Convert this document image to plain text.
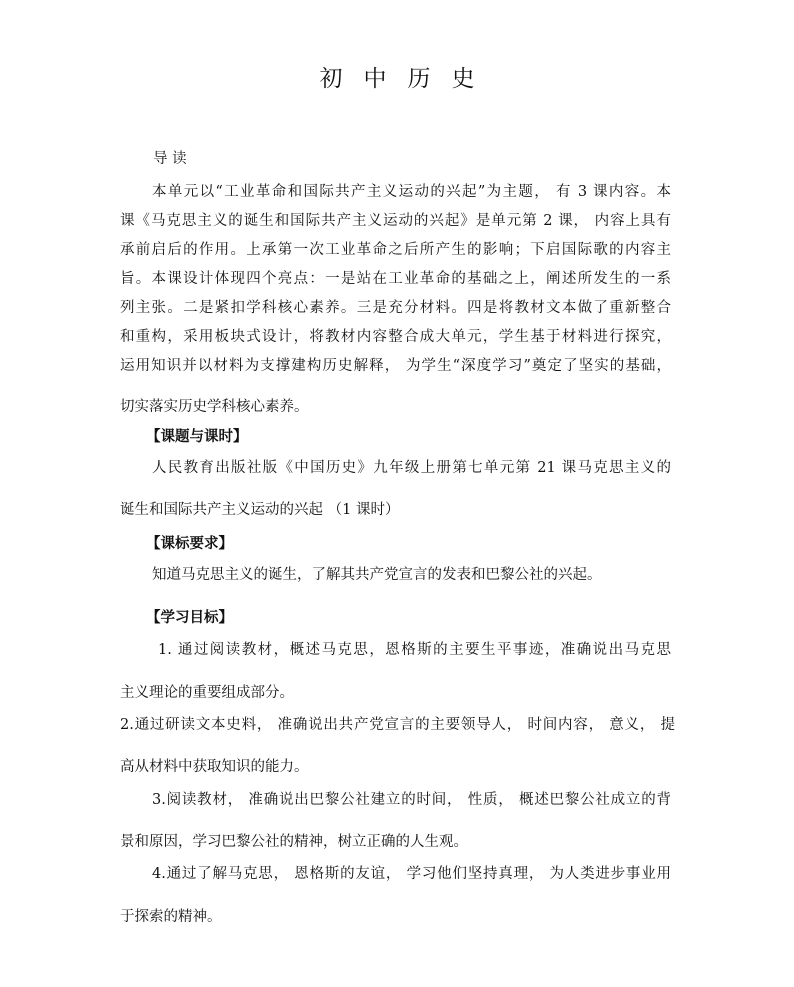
初中历史
导 读
本单元以“工业革命和国际共产主义运动的兴起”为主题， 有 3 课内容。本
课《马克思主义的诞生和国际共产主义运动的兴起》是单元第 2 课， 内容上具有
承前启后的作用。上承第一次工业革命之后所产生的影响；下启国际歌的内容主
旨。本课设计体现四个亮点：一是站在工业革命的基础之上，阐述所发生的一系
列主张。二是紧扣学科核心素养。三是充分材料。四是将教材文本做了重新整合
和重构，采用板块式设计，将教材内容整合成大单元，学生基于材料进行探究，
运用知识并以材料为支撑建构历史解释， 为学生“深度学习”奠定了坚实的基础，
切实落实历史学科核心素养。
【课题与课时】
人民教育出版社版《中国历史》九年级上册第七单元第 21 课马克思主义的
诞生和国际共产主义运动的兴起 （1 课时）
【课标要求】
知道马克思主义的诞生，了解其共产党宣言的发表和巴黎公社的兴起。
【学习目标】
1. 通过阅读教材，概述马克思，恩格斯的主要生平事迹，准确说出马克思
主义理论的重要组成部分。
2.通过研读文本史料， 准确说出共产党宣言的主要领导人， 时间内容， 意义， 提
高从材料中获取知识的能力。
3.阅读教材， 准确说出巴黎公社建立的时间， 性质， 概述巴黎公社成立的背
景和原因，学习巴黎公社的精神，树立正确的人生观。
4.通过了解马克思， 恩格斯的友谊， 学习他们坚持真理， 为人类进步事业用
于探索的精神。
